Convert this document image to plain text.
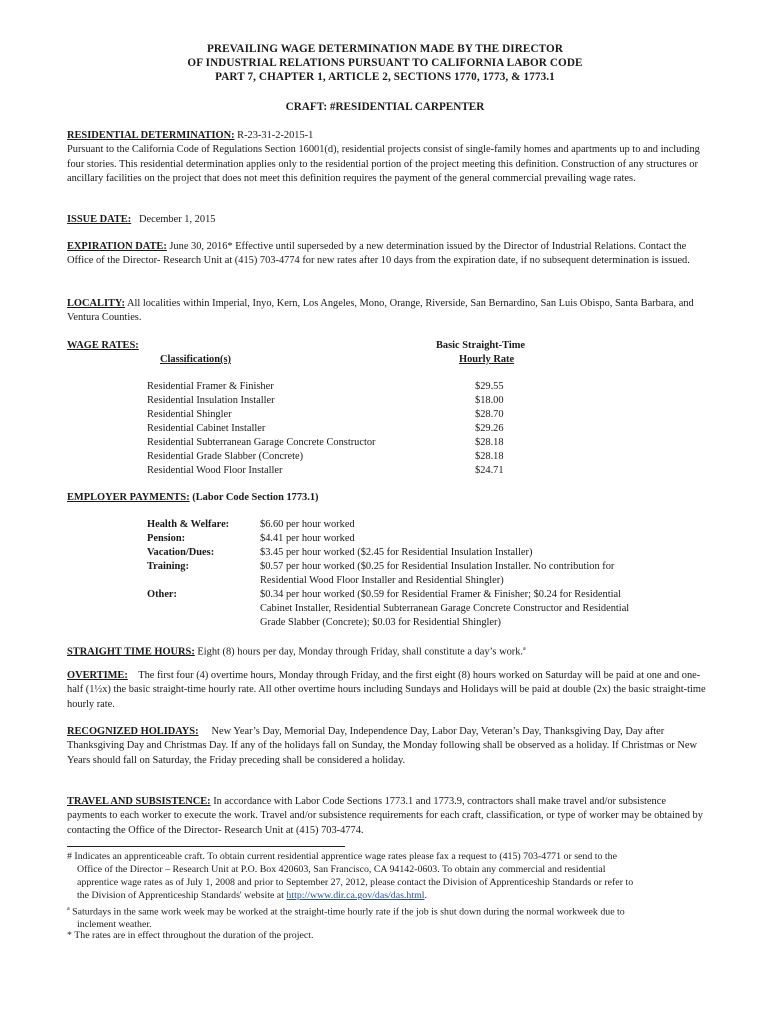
PREVAILING WAGE DETERMINATION MADE BY THE DIRECTOR
OF INDUSTRIAL RELATIONS PURSUANT TO CALIFORNIA LABOR CODE
PART 7, CHAPTER 1, ARTICLE 2, SECTIONS 1770, 1773, & 1773.1
CRAFT: #RESIDENTIAL CARPENTER
RESIDENTIAL DETERMINATION: R-23-31-2-2015-1
Pursuant to the California Code of Regulations Section 16001(d), residential projects consist of single-family homes and apartments up to and including four stories. This residential determination applies only to the residential portion of the project meeting this definition. Construction of any structures or ancillary facilities on the project that does not meet this definition requires the payment of the general commercial prevailing wage rates.
ISSUE DATE: December 1, 2015
EXPIRATION DATE: June 30, 2016* Effective until superseded by a new determination issued by the Director of Industrial Relations. Contact the Office of the Director- Research Unit at (415) 703-4774 for new rates after 10 days from the expiration date, if no subsequent determination is issued.
LOCALITY: All localities within Imperial, Inyo, Kern, Los Angeles, Mono, Orange, Riverside, San Bernardino, San Luis Obispo, Santa Barbara, and Ventura Counties.
WAGE RATES:	Basic Straight-Time
Classification(s)	Hourly Rate
Residential Framer & Finisher	$29.55
Residential Insulation Installer	$18.00
Residential Shingler	$28.70
Residential Cabinet Installer	$29.26
Residential Subterranean Garage Concrete Constructor	$28.18
Residential Grade Slabber (Concrete)	$28.18
Residential Wood Floor Installer	$24.71
EMPLOYER PAYMENTS: (Labor Code Section 1773.1)
Health & Welfare:	$6.60 per hour worked
Pension:	$4.41 per hour worked
Vacation/Dues:	$3.45 per hour worked ($2.45 for Residential Insulation Installer)
Training:	$0.57 per hour worked ($0.25 for Residential Insulation Installer. No contribution for
Residential Wood Floor Installer and Residential Shingler)
Other:	$0.34 per hour worked ($0.59 for Residential Framer & Finisher; $0.24 for Residential
Cabinet Installer, Residential Subterranean Garage Concrete Constructor and Residential
Grade Slabber (Concrete); $0.03 for Residential Shingler)
STRAIGHT TIME HOURS: Eight (8) hours per day, Monday through Friday, shall constitute a day’s work.$^a$
OVERTIME: The first four (4) overtime hours, Monday through Friday, and the first eight (8) hours worked on Saturday will be paid at one and one-half (1½x) the basic straight-time hourly rate. All other overtime hours including Sundays and Holidays will be paid at double (2x) the basic straight-time hourly rate.
RECOGNIZED HOLIDAYS: New Year’s Day, Memorial Day, Independence Day, Labor Day, Veteran’s Day, Thanksgiving Day, Day after Thanksgiving Day and Christmas Day. If any of the holidays fall on Sunday, the Monday following shall be observed as a holiday. If Christmas or New Years should fall on Saturday, the Friday preceding shall be considered a holiday.
TRAVEL AND SUBSISTENCE: In accordance with Labor Code Sections 1773.1 and 1773.9, contractors shall make travel and/or subsistence payments to each worker to execute the work. Travel and/or subsistence requirements for each craft, classification, or type of worker may be obtained by contacting the Office of the Director- Research Unit at (415) 703-4774.
# Indicates an apprenticeable craft. To obtain current residential apprentice wage rates please fax a request to (415) 703-4771 or send to the
Office of the Director – Research Unit at P.O. Box 420603, San Francisco, CA 94142-0603. To obtain any commercial and residential
apprentice wage rates as of July 1, 2008 and prior to September 27, 2012, please contact the Division of Apprenticeship Standards or refer to
the Division of Apprenticeship Standards' website at http://www.dir.ca.gov/das/das.html.
$^a$ Saturdays in the same work week may be worked at the straight-time hourly rate if the job is shut down during the normal workweek due to
inclement weather.
* The rates are in effect throughout the duration of the project.
